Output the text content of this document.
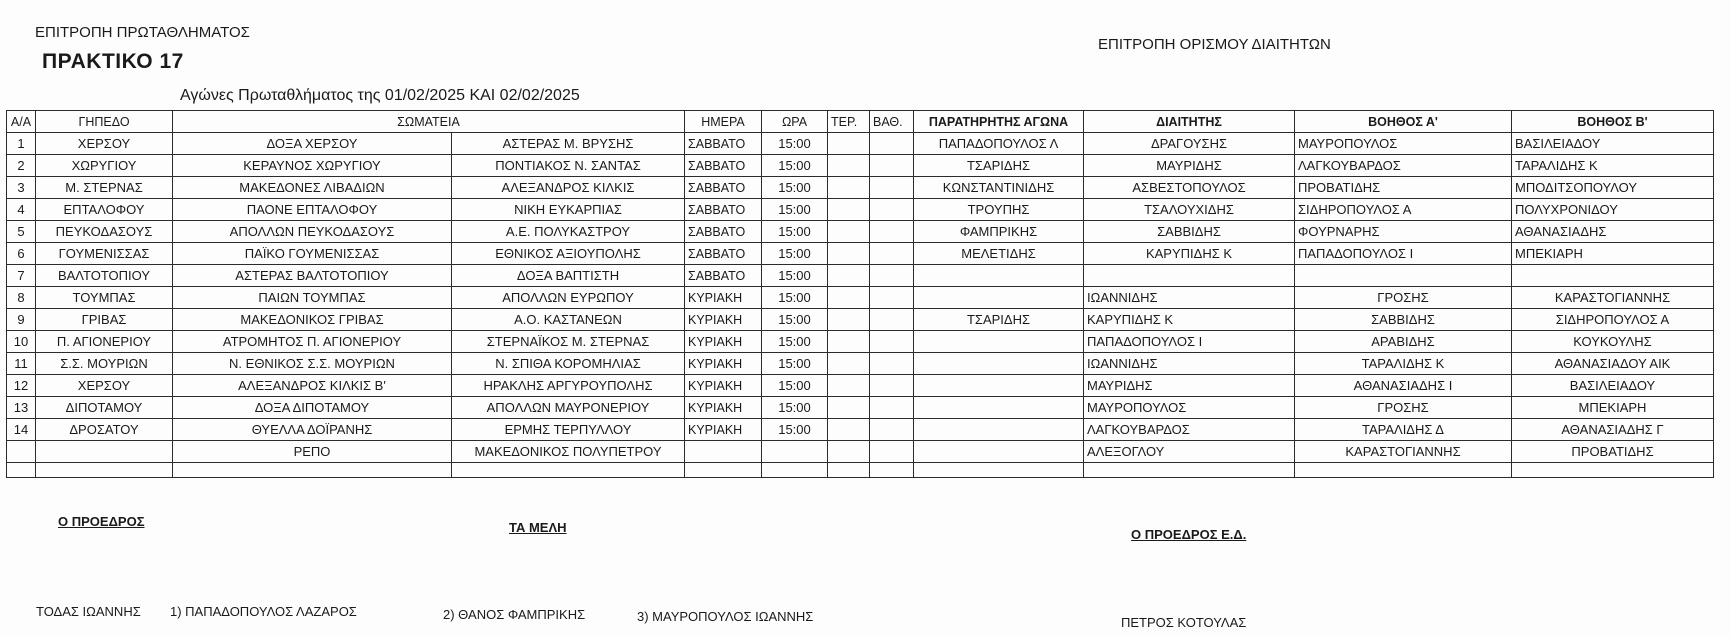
ΕΠΙΤΡΟΠΗ ΠΡΩΤΑΘΛΗΜΑΤΟΣ
ΠΡΑΚΤΙΚΟ 17
ΕΠΙΤΡΟΠΗ ΟΡΙΣΜΟΥ ΔΙΑΙΤΗΤΩΝ
Αγώνες Πρωταθλήματος της 01/02/2025 ΚΑΙ 02/02/2025
Α/Α	ΓΗΠΕΔΟ	ΣΩΜΑΤΕΙΑ		ΗΜΕΡΑ	ΩΡΑ	ΤΕΡ.	ΒΑΘ.	ΠΑΡΑΤΗΡΗΤΗΣ ΑΓΩΝΑ	ΔΙΑΙΤΗΤΗΣ	ΒΟΗΘΟΣ Α'	ΒΟΗΘΟΣ Β'
1	ΧΕΡΣΟΥ	ΔΟΞΑ ΧΕΡΣΟΥ	ΑΣΤΕΡΑΣ Μ. ΒΡΥΣΗΣ	ΣΑΒΒΑΤΟ	15:00			ΠΑΠΑΔΟΠΟΥΛΟΣ Λ	ΔΡΑΓΟΥΣΗΣ	ΜΑΥΡΟΠΟΥΛΟΣ	ΒΑΣΙΛΕΙΑΔΟΥ
2	ΧΩΡΥΓΙΟΥ	ΚΕΡΑΥΝΟΣ ΧΩΡΥΓΙΟΥ	ΠΟΝΤΙΑΚΟΣ Ν. ΣΑΝΤΑΣ	ΣΑΒΒΑΤΟ	15:00			ΤΣΑΡΙΔΗΣ	ΜΑΥΡΙΔΗΣ	ΛΑΓΚΟΥΒΑΡΔΟΣ	ΤΑΡΑΛΙΔΗΣ Κ
3	Μ. ΣΤΕΡΝΑΣ	ΜΑΚΕΔΟΝΕΣ ΛΙΒΑΔΙΩΝ	ΑΛΕΞΑΝΔΡΟΣ ΚΙΛΚΙΣ	ΣΑΒΒΑΤΟ	15:00			ΚΩΝΣΤΑΝΤΙΝΙΔΗΣ	ΑΣΒΕΣΤΟΠΟΥΛΟΣ	ΠΡΟΒΑΤΙΔΗΣ	ΜΠΟΔΙΤΣΟΠΟΥΛΟΥ
4	ΕΠΤΑΛΟΦΟΥ	ΠΑΟΝΕ ΕΠΤΑΛΟΦΟΥ	ΝΙΚΗ ΕΥΚΑΡΠΙΑΣ	ΣΑΒΒΑΤΟ	15:00			ΤΡΟΥΠΗΣ	ΤΣΑΛΟΥΧΙΔΗΣ	ΣΙΔΗΡΟΠΟΥΛΟΣ Α	ΠΟΛΥΧΡΟΝΙΔΟΥ
5	ΠΕΥΚΟΔΑΣΟΥΣ	ΑΠΟΛΛΩΝ ΠΕΥΚΟΔΑΣΟΥΣ	Α.Ε. ΠΟΛΥΚΑΣΤΡΟΥ	ΣΑΒΒΑΤΟ	15:00			ΦΑΜΠΡΙΚΗΣ	ΣΑΒΒΙΔΗΣ	ΦΟΥΡΝΑΡΗΣ	ΑΘΑΝΑΣΙΑΔΗΣ
6	ΓΟΥΜΕΝΙΣΣΑΣ	ΠΑΪΚΟ ΓΟΥΜΕΝΙΣΣΑΣ	ΕΘΝΙΚΟΣ ΑΞΙΟΥΠΟΛΗΣ	ΣΑΒΒΑΤΟ	15:00			ΜΕΛΕΤΙΔΗΣ	ΚΑΡΥΠΙΔΗΣ Κ	ΠΑΠΑΔΟΠΟΥΛΟΣ Ι	ΜΠΕΚΙΑΡΗ
7	ΒΑΛΤΟΤΟΠΙΟΥ	ΑΣΤΕΡΑΣ ΒΑΛΤΟΤΟΠΙΟΥ	ΔΟΞΑ ΒΑΠΤΙΣΤΗ	ΣΑΒΒΑΤΟ	15:00						
8	ΤΟΥΜΠΑΣ	ΠΑΙΩΝ ΤΟΥΜΠΑΣ	ΑΠΟΛΛΩΝ ΕΥΡΩΠΟΥ	ΚΥΡΙΑΚΗ	15:00				ΙΩΑΝΝΙΔΗΣ	ΓΡΟΣΗΣ	ΚΑΡΑΣΤΟΓΙΑΝΝΗΣ
9	ΓΡΙΒΑΣ	ΜΑΚΕΔΟΝΙΚΟΣ ΓΡΙΒΑΣ	Α.Ο. ΚΑΣΤΑΝΕΩΝ	ΚΥΡΙΑΚΗ	15:00			ΤΣΑΡΙΔΗΣ	ΚΑΡΥΠΙΔΗΣ Κ	ΣΑΒΒΙΔΗΣ	ΣΙΔΗΡΟΠΟΥΛΟΣ Α
10	Π. ΑΓΙΟΝΕΡΙΟΥ	ΑΤΡΟΜΗΤΟΣ Π. ΑΓΙΟΝΕΡΙΟΥ	ΣΤΕΡΝΑΪΚΟΣ Μ. ΣΤΕΡΝΑΣ	ΚΥΡΙΑΚΗ	15:00				ΠΑΠΑΔΟΠΟΥΛΟΣ Ι	ΑΡΑΒΙΔΗΣ	ΚΟΥΚΟΥΛΗΣ
11	Σ.Σ. ΜΟΥΡΙΩΝ	Ν. ΕΘΝΙΚΟΣ Σ.Σ. ΜΟΥΡΙΩΝ	Ν. ΣΠΙΘΑ ΚΟΡΟΜΗΛΙΑΣ	ΚΥΡΙΑΚΗ	15:00				ΙΩΑΝΝΙΔΗΣ	ΤΑΡΑΛΙΔΗΣ Κ	ΑΘΑΝΑΣΙΑΔΟΥ ΑΙΚ
12	ΧΕΡΣΟΥ	ΑΛΕΞΑΝΔΡΟΣ ΚΙΛΚΙΣ Β'	ΗΡΑΚΛΗΣ ΑΡΓΥΡΟΥΠΟΛΗΣ	ΚΥΡΙΑΚΗ	15:00				ΜΑΥΡΙΔΗΣ	ΑΘΑΝΑΣΙΑΔΗΣ Ι	ΒΑΣΙΛΕΙΑΔΟΥ
13	ΔΙΠΟΤΑΜΟΥ	ΔΟΞΑ ΔΙΠΟΤΑΜΟΥ	ΑΠΟΛΛΩΝ ΜΑΥΡΟΝΕΡΙΟΥ	ΚΥΡΙΑΚΗ	15:00				ΜΑΥΡΟΠΟΥΛΟΣ	ΓΡΟΣΗΣ	ΜΠΕΚΙΑΡΗ
14	ΔΡΟΣΑΤΟΥ	ΘΥΕΛΛΑ ΔΟΪΡΑΝΗΣ	ΕΡΜΗΣ ΤΕΡΠΥΛΛΟΥ	ΚΥΡΙΑΚΗ	15:00				ΛΑΓΚΟΥΒΑΡΔΟΣ	ΤΑΡΑΛΙΔΗΣ Δ	ΑΘΑΝΑΣΙΑΔΗΣ Γ
		ΡΕΠΟ	ΜΑΚΕΔΟΝΙΚΟΣ ΠΟΛΥΠΕΤΡΟΥ						ΑΛΕΞΟΓΛΟΥ	ΚΑΡΑΣΤΟΓΙΑΝΝΗΣ	ΠΡΟΒΑΤΙΔΗΣ

Ο ΠΡΟΕΔΡΟΣ	ΤΑ ΜΕΛΗ	Ο ΠΡΟΕΔΡΟΣ Ε.Δ.
ΤΟΔΑΣ ΙΩΑΝΝΗΣ 1) ΠΑΠΑΔΟΠΟΥΛΟΣ ΛΑΖΑΡΟΣ	2) ΘΑΝΟΣ ΦΑΜΠΡΙΚΗΣ	3) ΜΑΥΡΟΠΟΥΛΟΣ ΙΩΑΝΝΗΣ	ΠΕΤΡΟΣ ΚΟΤΟΥΛΑΣ
